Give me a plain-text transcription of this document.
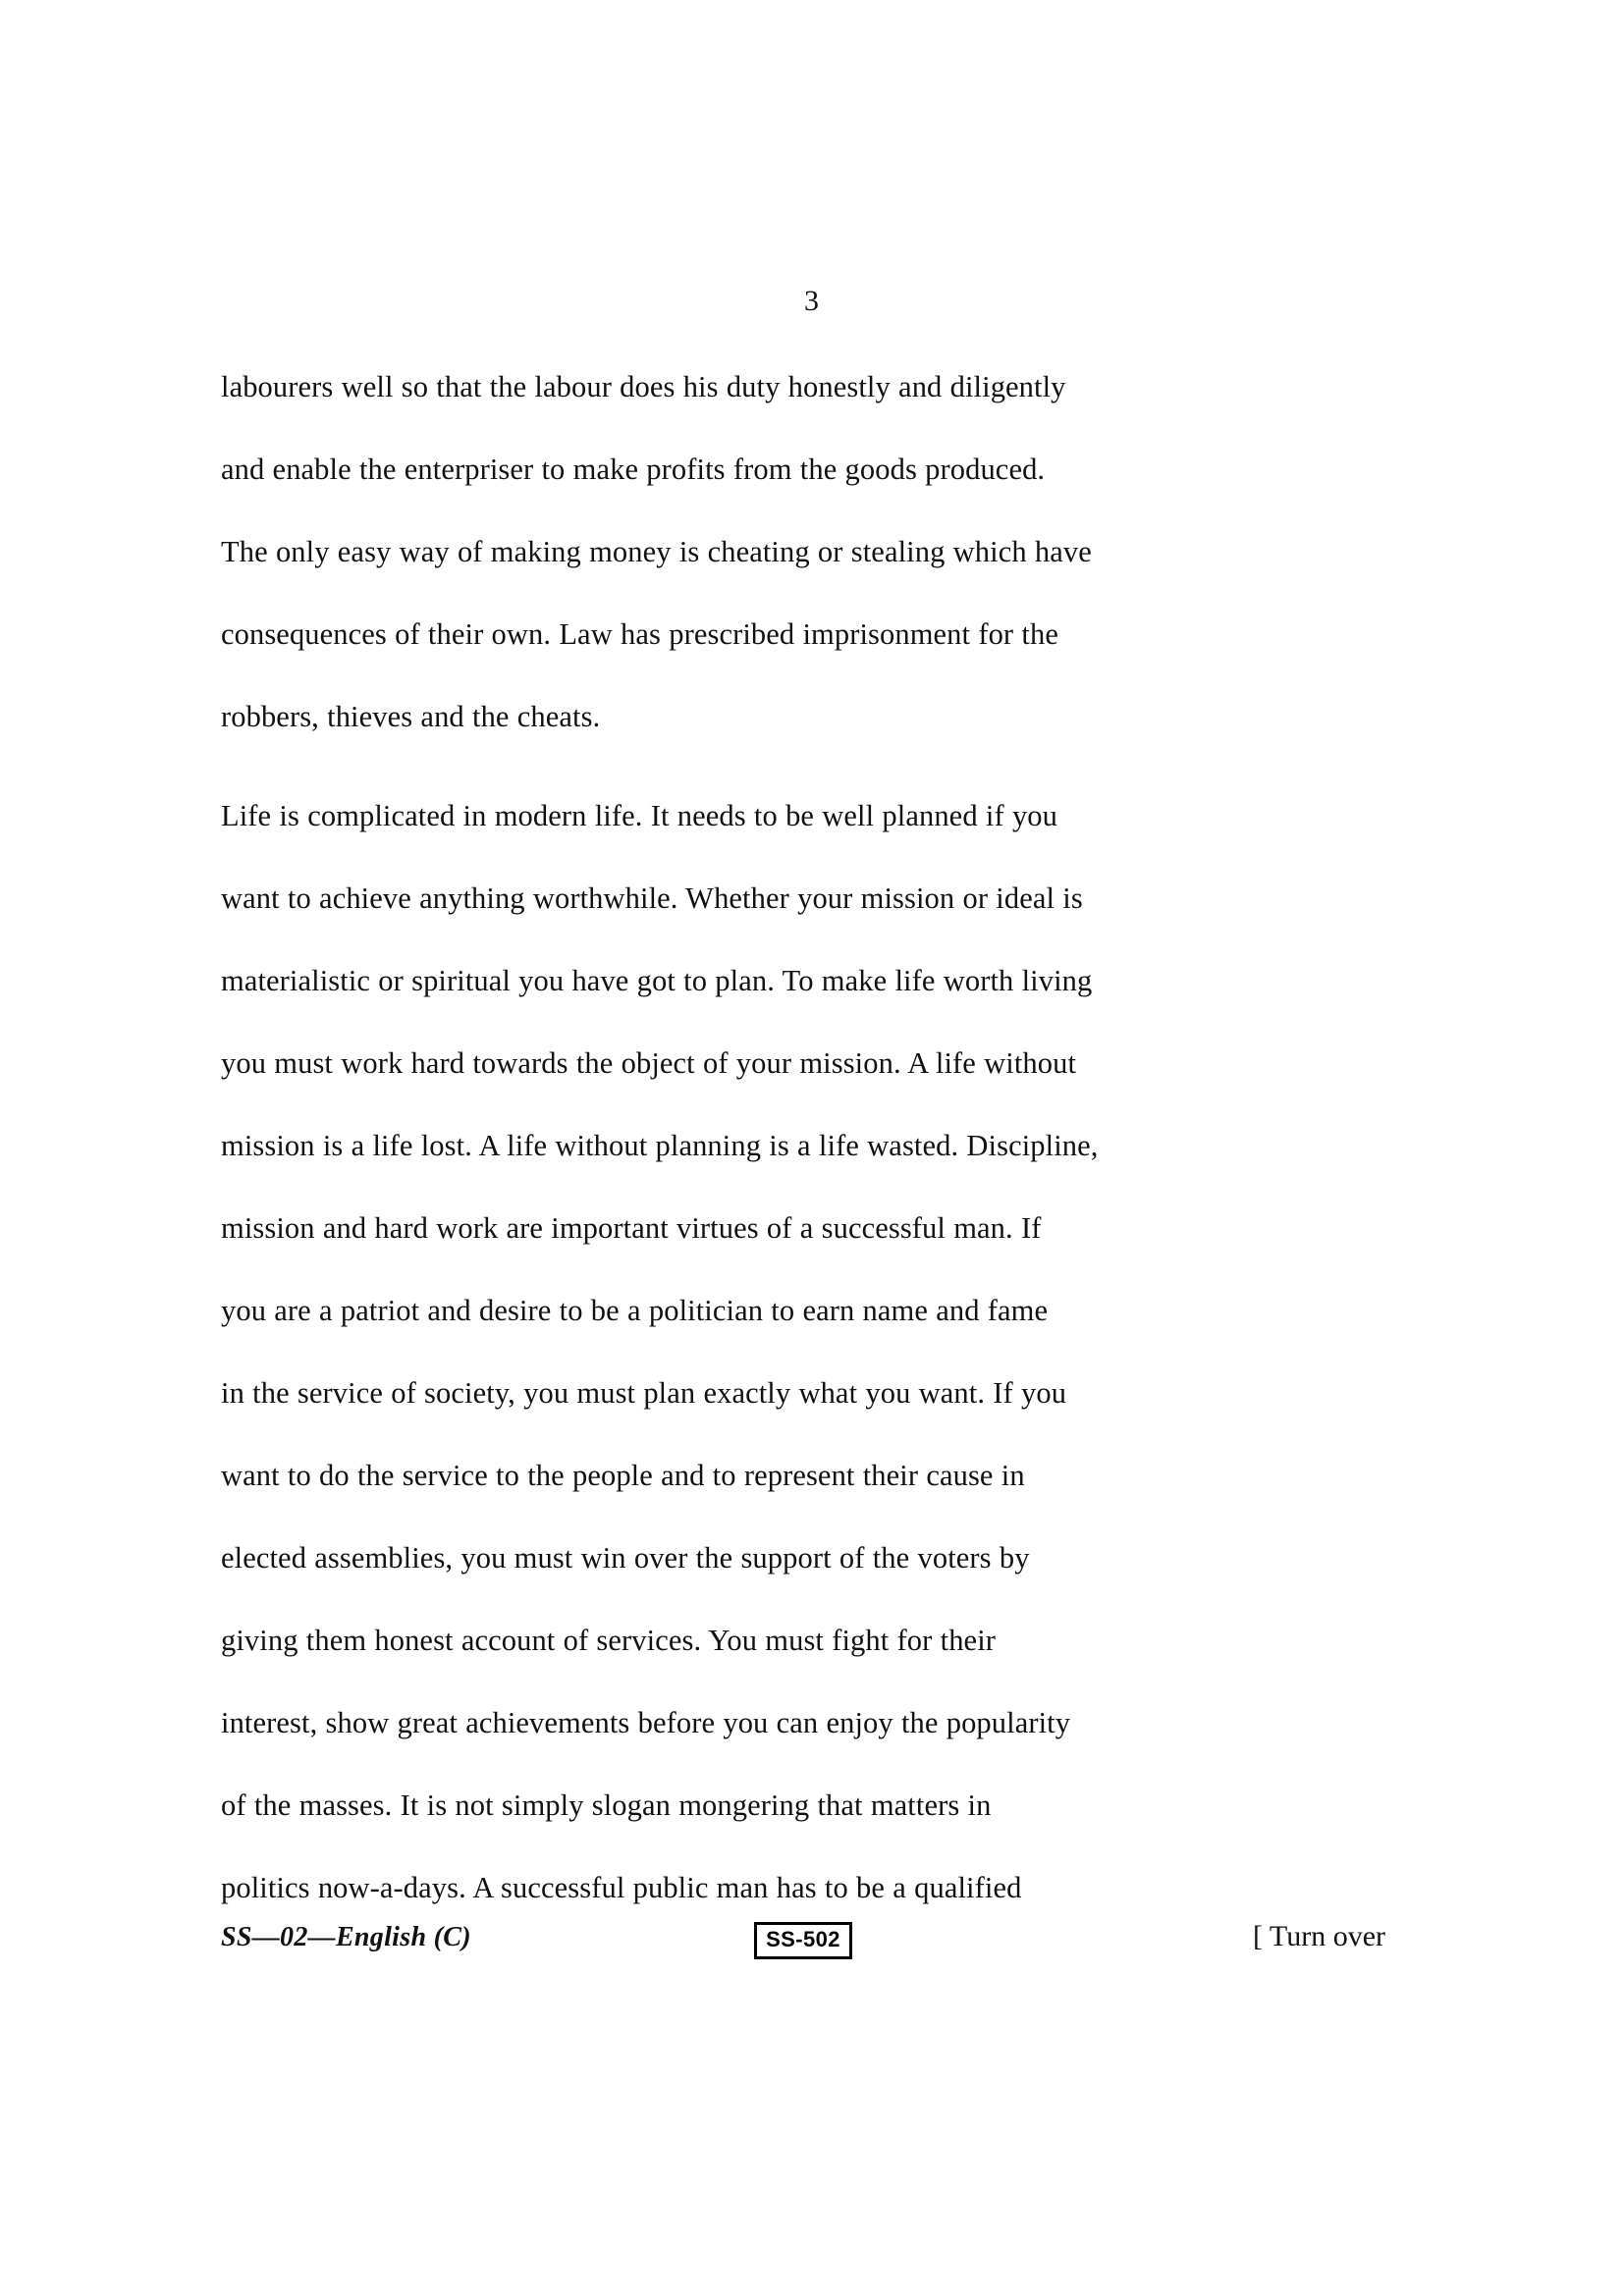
3

labourers well so that the labour does his duty honestly and diligently
and enable the enterpriser to make profits from the goods produced.
The only easy way of making money is cheating or stealing which have
consequences of their own. Law has prescribed imprisonment for the
robbers, thieves and the cheats.

Life is complicated in modern life. It needs to be well planned if you
want to achieve anything worthwhile. Whether your mission or ideal is
materialistic or spiritual you have got to plan. To make life worth living
you must work hard towards the object of your mission. A life without
mission is a life lost. A life without planning is a life wasted. Discipline,
mission and hard work are important virtues of a successful man. If
you are a patriot and desire to be a politician to earn name and fame
in the service of society, you must plan exactly what you want. If you
want to do the service to the people and to represent their cause in
elected assemblies, you must win over the support of the voters by
giving them honest account of services. You must fight for their
interest, show great achievements before you can enjoy the popularity
of the masses. It is not simply slogan mongering that matters in
politics now-a-days. A successful public man has to be a qualified

SS—02—English (C)	SS-502	[ Turn over
